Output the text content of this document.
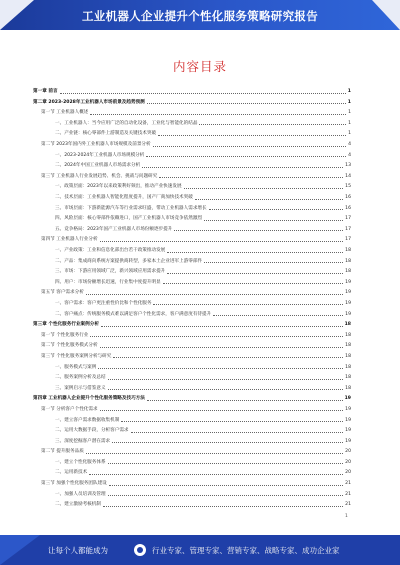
工业机器人企业提升个性化服务策略研究报告
内容目录
第一章 前言	1
第二章 2023-2028年工业机器人市场前景及趋势预测	1
第一节 工业机器人概述	1
一、工业机器人：当今应用广泛的自动化设备，工业化与智能化的结晶	1
二、产业链：核心零部件上游制造及关键技术突破	1
第二节 2023年国内外工业机器人市场规模及前景分析	4
一、2023-2024年工业机器人市场规模分析	4
二、2024年中国工业机器人市场需求分析	13
第三节 工业机器人行业发展趋势、机会、挑战与问题研究	14
一、政策层面：2023年以来政策利好频出，推动产业快速发展	15
二、技术层面：工业机器人智能化程度提升，国产厂商加快技术突破	16
三、市场层面：下游新能源汽车等行业需求旺盛，带动工业机器人需求增长	16
四、风险层面：核心零部件依赖进口，国产工业机器人市场竞争依然激烈	17
五、竞争格局：2023年国产工业机器人市场份额逐步提升	17
第四节 工业机器人行业分析	17
一、产业政策：工业和信息化部出台若干政策推动发展	18
二、产品：集成商向系统方案提供商转型，多家本土企业进军上游零部件	18
三、市场：下游应用领域广泛，新兴领域应用需求提升	18
四、用户：市场份额增长迅速，行业集中度提升明显	19
第五节 客户需求分析	19
一、客户需求：客户更注重性价比和个性化服务	19
二、客户痛点：传统服务模式难以满足客户个性化需求，客户满意度有待提升	19
第三章 个性化服务行业案例分析	18
第一节 个性化服务行业	18
第二节 个性化服务模式分析	18
第三节 个性化服务案例分析与研究	18
一、服务模式与案例	18
二、服务案例分析及总结	18
三、案例启示与借鉴意义	18
第四章 工业机器人企业提升个性化服务策略及技巧方法	19
第一节 分析客户个性化需求	19
一、建立客户需求数据收集机制	19
二、运用大数据手段，分析客户需求	19
三、深度挖掘客户潜在需求	19
第二节 提升服务品质	20
一、建立个性化服务体系	20
二、运用新技术	20
第三节 加强个性化服务团队建设	21
一、加强人员培训及管理	21
二、建立激励考核机制	21
1
让每个人都能成为	行业专家、管理专家、营销专家、战略专家、成功企业家
